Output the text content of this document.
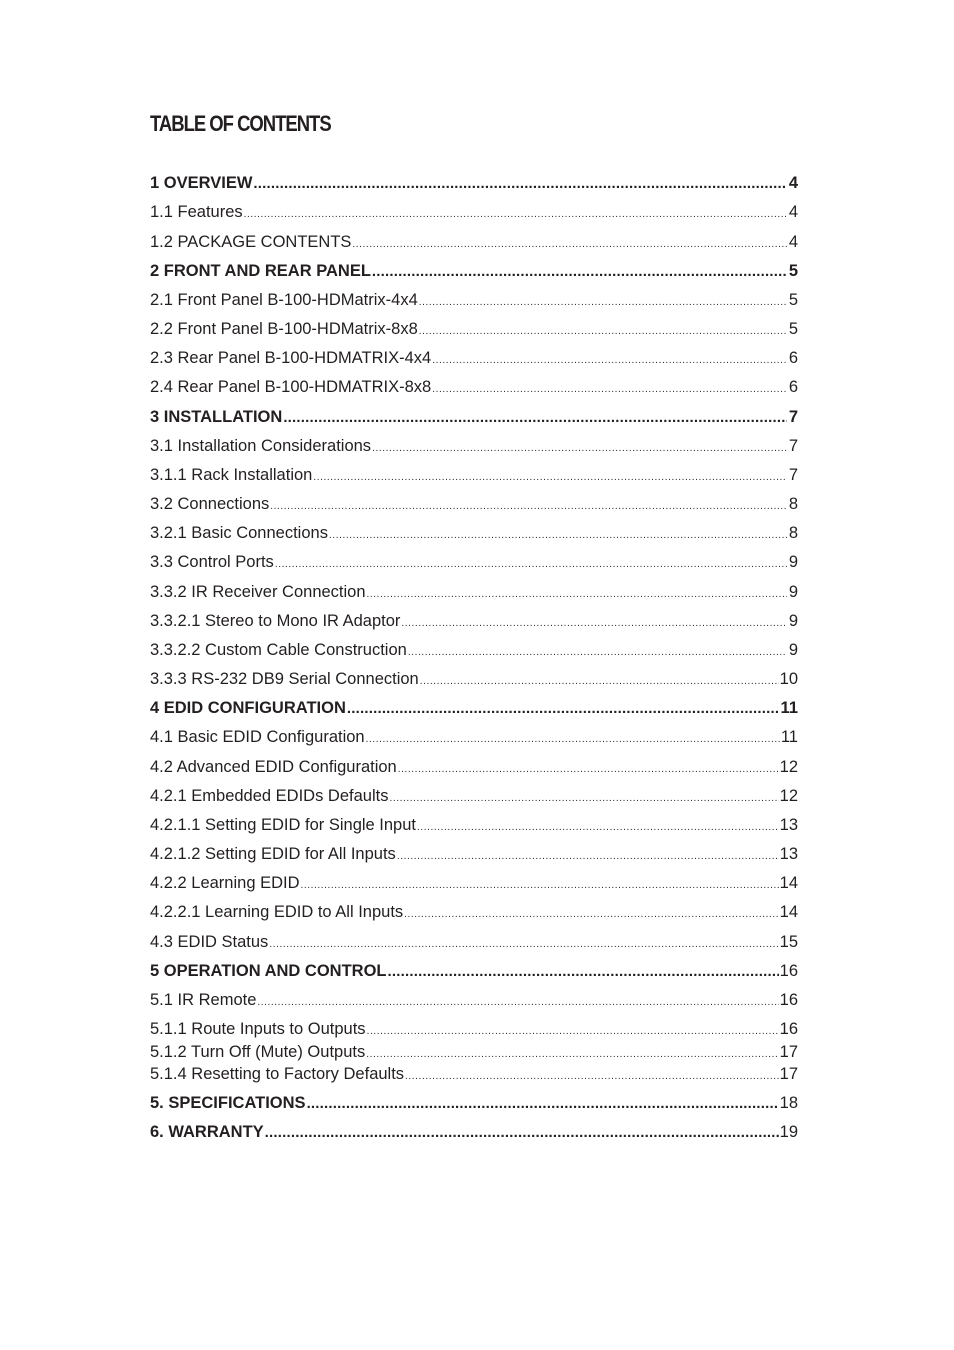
TABLE OF CONTENTS
1 OVERVIEW .....	4
1.1 Features .....	4
1.2 PACKAGE CONTENTS .....	4
2 FRONT AND REAR PANEL .....	5
2.1 Front Panel B-100-HDMatrix-4x4 .....	5
2.2 Front Panel B-100-HDMatrix-8x8 .....	5
2.3 Rear Panel B-100-HDMATRIX-4x4 .....	6
2.4 Rear Panel B-100-HDMATRIX-8x8 .....	6
3 INSTALLATION .....	7
3.1 Installation Considerations .....	7
3.1.1 Rack Installation .....	7
3.2 Connections .....	8
3.2.1 Basic Connections .....	8
3.3 Control Ports .....	9
3.3.2 IR Receiver Connection .....	9
3.3.2.1 Stereo to Mono IR Adaptor .....	9
3.3.2.2 Custom Cable Construction .....	9
3.3.3 RS-232 DB9 Serial Connection .....	10
4 EDID CONFIGURATION .....	11
4.1 Basic EDID Configuration .....	11
4.2 Advanced EDID Configuration .....	12
4.2.1 Embedded EDIDs Defaults .....	12
4.2.1.1 Setting EDID for Single Input .....	13
4.2.1.2 Setting EDID for All Inputs .....	13
4.2.2 Learning EDID .....	14
4.2.2.1 Learning EDID to All Inputs .....	14
4.3 EDID Status .....	15
5 OPERATION AND CONTROL .....	16
5.1 IR Remote .....	16
5.1.1 Route Inputs to Outputs .....	16
5.1.2 Turn Off (Mute) Outputs .....	17
5.1.4 Resetting to Factory Defaults .....	17
5. SPECIFICATIONS .....	18
6. WARRANTY .....	19
